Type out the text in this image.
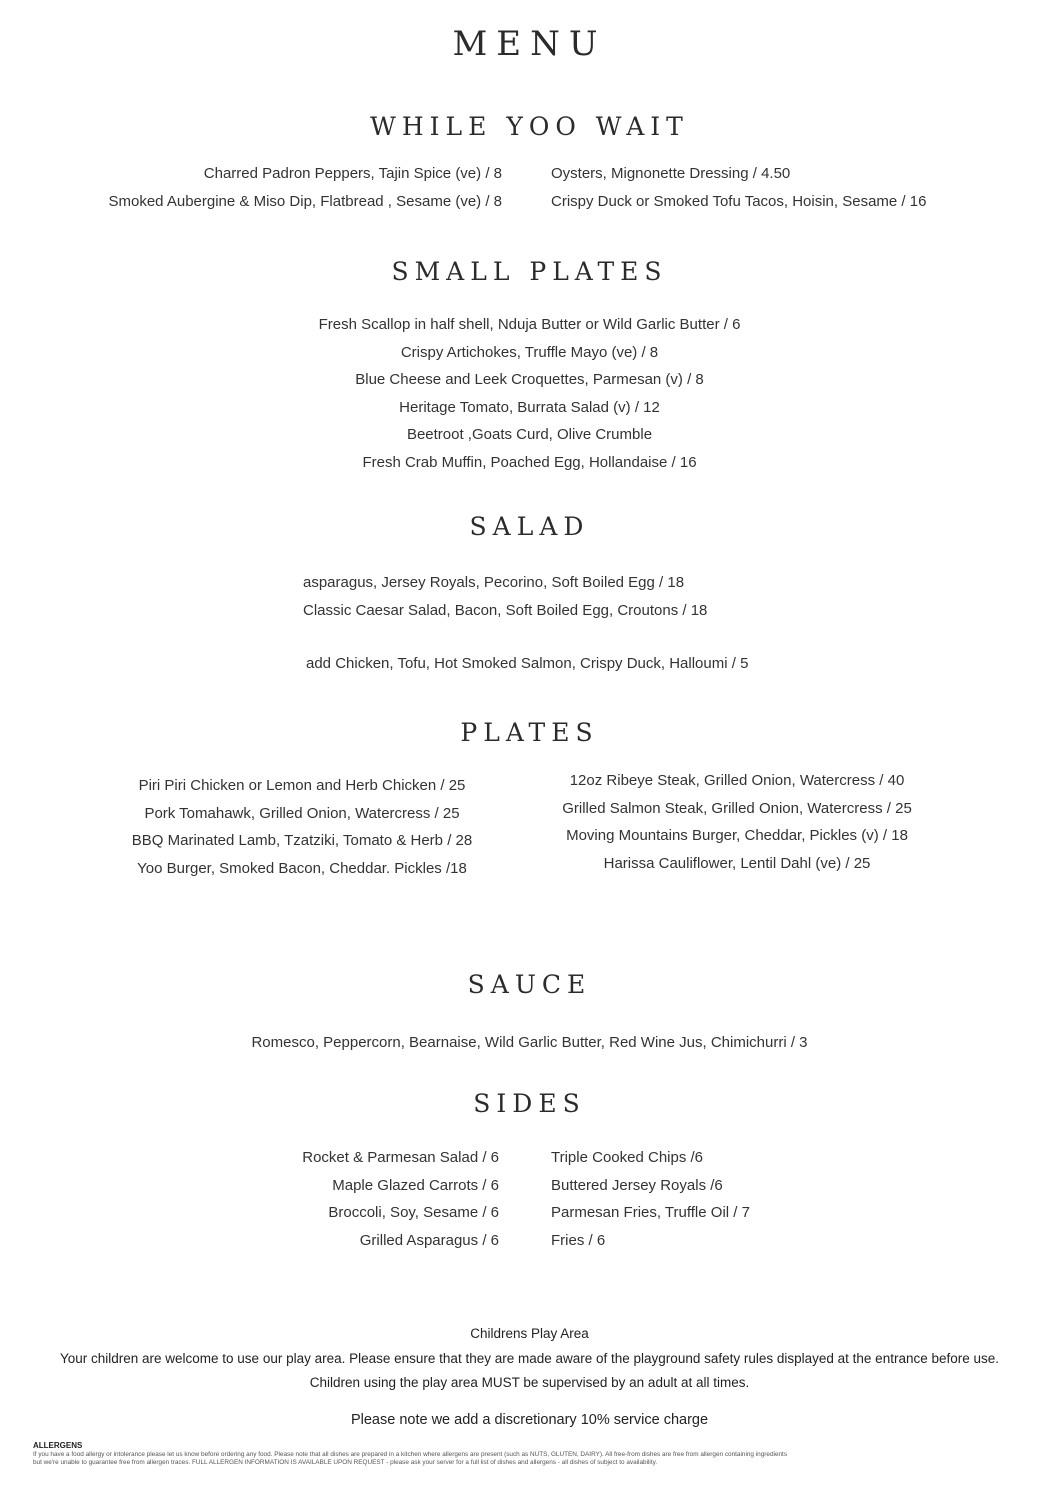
MENU
WHILE YOO WAIT
Charred Padron Peppers, Tajin Spice (ve) / 8
Smoked Aubergine & Miso Dip, Flatbread , Sesame (ve) / 8
Oysters, Mignonette Dressing / 4.50
Crispy Duck or Smoked Tofu Tacos, Hoisin, Sesame / 16
SMALL PLATES
Fresh Scallop in half shell, Nduja Butter or Wild Garlic Butter / 6
Crispy Artichokes, Truffle Mayo (ve) / 8
Blue Cheese and Leek Croquettes, Parmesan (v) / 8
Heritage Tomato, Burrata Salad (v) / 12
Beetroot ,Goats Curd, Olive Crumble
Fresh Crab Muffin, Poached Egg, Hollandaise / 16
SALAD
asparagus, Jersey Royals, Pecorino, Soft Boiled Egg / 18
Classic Caesar Salad, Bacon, Soft Boiled Egg, Croutons / 18
add Chicken, Tofu, Hot Smoked Salmon, Crispy Duck, Halloumi / 5
PLATES
Piri Piri Chicken or Lemon and Herb Chicken / 25
Pork Tomahawk, Grilled Onion, Watercress / 25
BBQ Marinated Lamb, Tzatziki, Tomato & Herb / 28
Yoo Burger, Smoked Bacon, Cheddar. Pickles /18
12oz Ribeye Steak, Grilled Onion, Watercress / 40
Grilled Salmon Steak, Grilled Onion, Watercress / 25
Moving Mountains Burger, Cheddar, Pickles (v) / 18
Harissa Cauliflower, Lentil Dahl (ve) / 25
SAUCE
Romesco, Peppercorn, Bearnaise, Wild Garlic Butter, Red Wine Jus, Chimichurri / 3
SIDES
Rocket & Parmesan Salad / 6
Maple Glazed Carrots / 6
Broccoli, Soy, Sesame / 6
Grilled Asparagus / 6
Triple Cooked Chips /6
Buttered Jersey Royals /6
Parmesan Fries, Truffle Oil / 7
Fries / 6
Childrens Play Area
Your children are welcome to use our play area. Please ensure that they are made aware of the playground safety rules displayed at the entrance before use.
Children using the play area MUST be supervised by an adult at all times.
Please note we add a discretionary 10% service charge
ALLERGENS
If you have a food allergy or intolerance please let us know before ordering any food. Please note that all dishes are prepared in a kitchen where allergens are present (such as NUTS, GLUTEN, DAIRY). All free-from dishes are free from allergen containing ingredients
but we're unable to guarantee free from allergen traces. FULL ALLERGEN INFORMATION IS AVAILABLE UPON REQUEST - please ask your server for a full list of dishes and allergens - all dishes of subject to availability.
